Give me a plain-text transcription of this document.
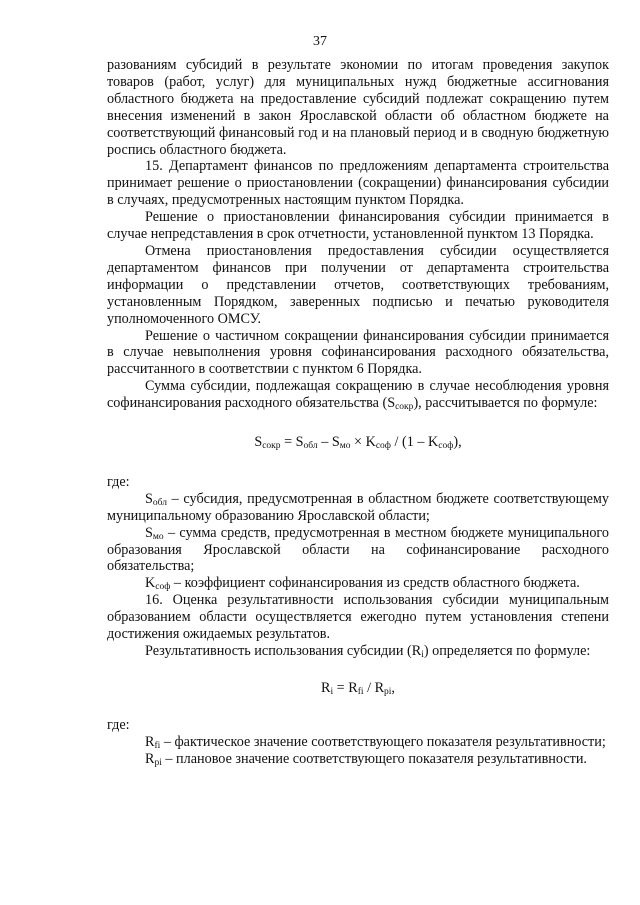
37

разованиям субсидий в результате экономии по итогам проведения закупок товаров (работ, услуг) для муниципальных нужд бюджетные ассигнования областного бюджета на предоставление субсидий подлежат сокращению путем внесения изменений в закон Ярославской области об областном бюджете на соответствующий финансовый год и на плановый период и в сводную бюджетную роспись областного бюджета.

15. Департамент финансов по предложениям департамента строительства принимает решение о приостановлении (сокращении) финансирования субсидии в случаях, предусмотренных настоящим пунктом Порядка.

Решение о приостановлении финансирования субсидии принимается в случае непредставления в срок отчетности, установленной пунктом 13 Порядка.

Отмена приостановления предоставления субсидии осуществляется департаментом финансов при получении от департамента строительства информации о представлении отчетов, соответствующих требованиям, установленным Порядком, заверенных подписью и печатью руководителя уполномоченного ОМСУ.

Решение о частичном сокращении финансирования субсидии принимается в случае невыполнения уровня софинансирования расходного обязательства, рассчитанного в соответствии с пунктом 6 Порядка.

Сумма субсидии, подлежащая сокращению в случае несоблюдения уровня софинансирования расходного обязательства $(S_{сокр})$, рассчитывается по формуле:

$S_{сокр} = S_{обл} - S_{мо} \times K_{соф} / (1 - K_{соф})$,

где:

$S_{обл}$ – субсидия, предусмотренная в областном бюджете соответствующему муниципальному образованию Ярославской области;

$S_{мо}$ – сумма средств, предусмотренная в местном бюджете муниципального образования Ярославской области на софинансирование расходного обязательства;

$K_{соф}$ – коэффициент софинансирования из средств областного бюджета.

16. Оценка результативности использования субсидии муниципальным образованием области осуществляется ежегодно путем установления степени достижения ожидаемых результатов.

Результативность использования субсидии $(R_i)$ определяется по формуле:

$R_i = R_{fi} / R_{pi}$,

где:

$R_{fi}$ – фактическое значение соответствующего показателя результативности;

$R_{pi}$ – плановое значение соответствующего показателя результативности.
